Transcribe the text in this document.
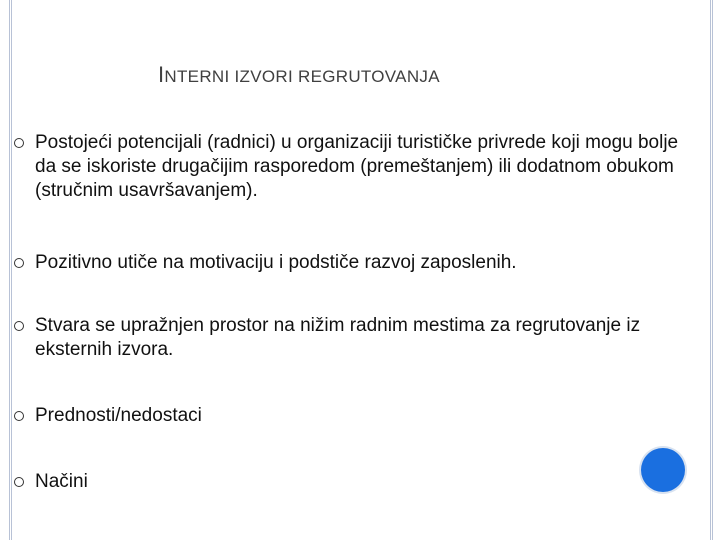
INTERNI IZVORI REGRUTOVANJA
Postojeći potencijali (radnici) u organizaciji turističke privrede koji mogu bolje da se iskoriste drugačijim rasporedom (premeštanjem) ili dodatnom obukom (stručnim usavršavanjem).
Pozitivno utiče na motivaciju i podstiče razvoj zaposlenih.
Stvara se upražnjen prostor na nižim radnim mestima za regrutovanje iz eksternih izvora.
Prednosti/nedostaci
Načini
